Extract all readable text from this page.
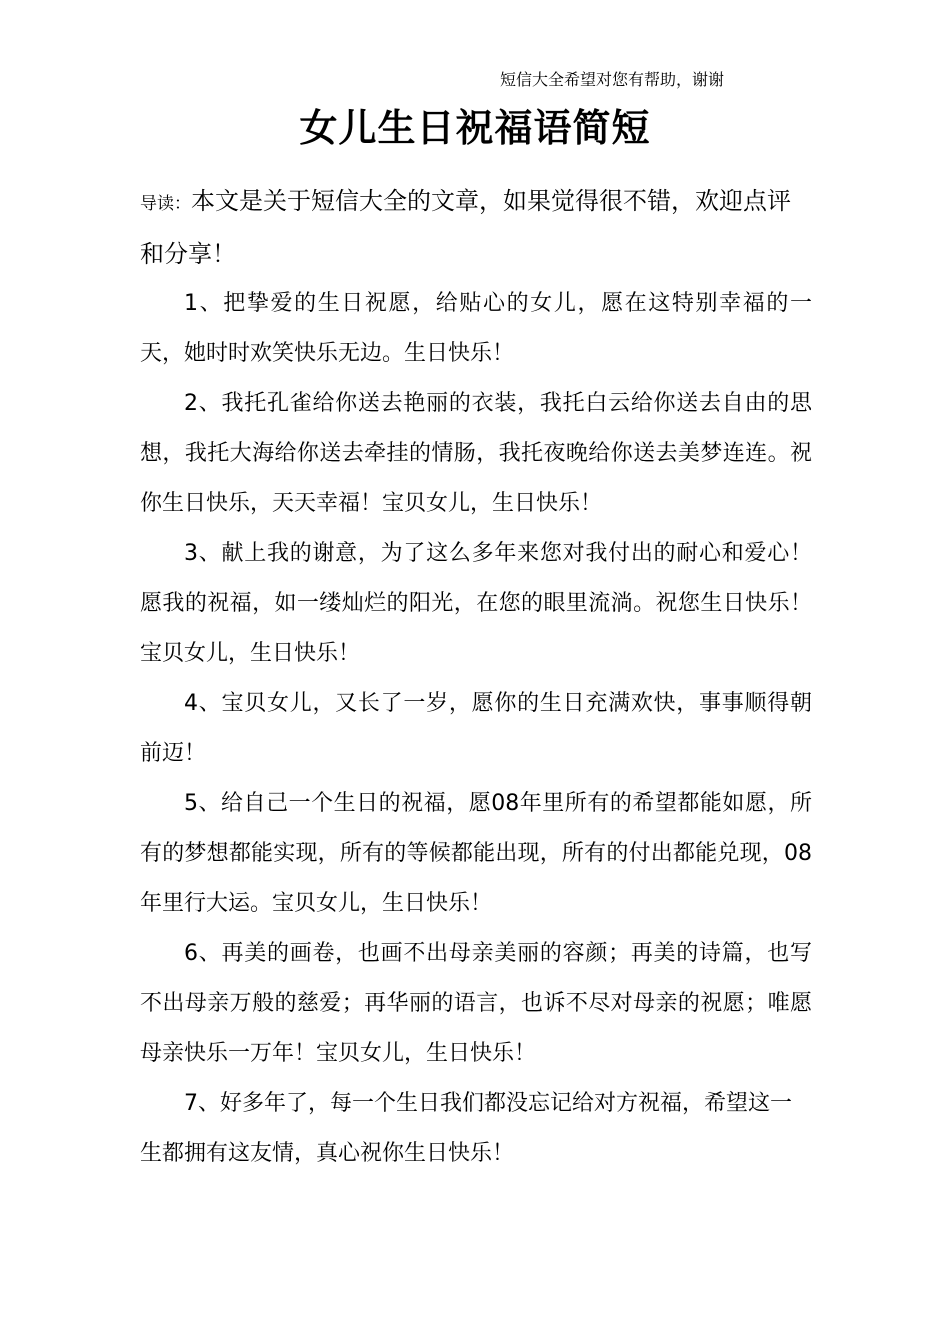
短信大全希望对您有帮助，谢谢
女儿生日祝福语简短

导读：本文是关于短信大全的文章，如果觉得很不错，欢迎点评和分享！

1、把挚爱的生日祝愿，给贴心的女儿，愿在这特别幸福的一天，她时时欢笑快乐无边。生日快乐！

2、我托孔雀给你送去艳丽的衣装，我托白云给你送去自由的思想，我托大海给你送去牵挂的情肠，我托夜晚给你送去美梦连连。祝你生日快乐，天天幸福！宝贝女儿，生日快乐！

3、献上我的谢意，为了这么多年来您对我付出的耐心和爱心！愿我的祝福，如一缕灿烂的阳光，在您的眼里流淌。祝您生日快乐！宝贝女儿，生日快乐！

4、宝贝女儿，又长了一岁，愿你的生日充满欢快，事事顺得朝前迈！

5、给自己一个生日的祝福，愿08年里所有的希望都能如愿，所有的梦想都能实现，所有的等候都能出现，所有的付出都能兑现，08年里行大运。宝贝女儿，生日快乐！

6、再美的画卷，也画不出母亲美丽的容颜；再美的诗篇，也写不出母亲万般的慈爱；再华丽的语言，也诉不尽对母亲的祝愿；唯愿母亲快乐一万年！宝贝女儿，生日快乐！

7、好多年了，每一个生日我们都没忘记给对方祝福，希望这一

生都拥有这友情，真心祝你生日快乐！
